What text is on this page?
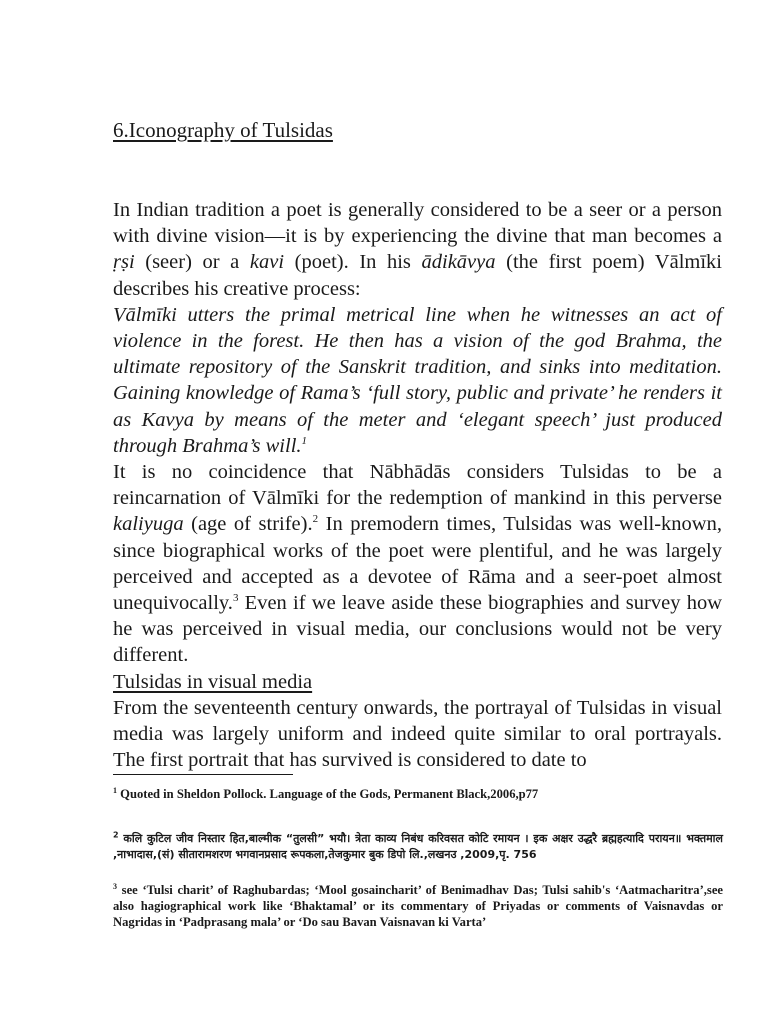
6.Iconography of Tulsidas

In Indian tradition a poet is generally considered to be a seer or a person with divine vision—it is by experiencing the divine that man becomes a ṛṣi (seer) or a kavi (poet). In his ādikāvya (the first poem) Vālmīki describes his creative process:

Vālmīki utters the primal metrical line when he witnesses an act of violence in the forest. He then has a vision of the god Brahma, the ultimate repository of the Sanskrit tradition, and sinks into meditation. Gaining knowledge of Rama’s ‘full story, public and private’ he renders it as Kavya by means of the meter and ‘elegant speech’ just produced through Brahma’s will.$^1$

It is no coincidence that Nābhādās considers Tulsidas to be a reincarnation of Vālmīki for the redemption of mankind in this perverse kaliyuga (age of strife).$^2$ In premodern times, Tulsidas was well-known, since biographical works of the poet were plentiful, and he was largely perceived and accepted as a devotee of Rāma and a seer-poet almost unequivocally.$^3$ Even if we leave aside these biographies and survey how he was perceived in visual media, our conclusions would not be very different.

Tulsidas in visual media

From the seventeenth century onwards, the portrayal of Tulsidas in visual media was largely uniform and indeed quite similar to oral portrayals. The first portrait that has survived is considered to date to

$^1$ Quoted in Sheldon Pollock. Language of the Gods, Permanent Black,2006,p77
$^2$ कलि कुटिल जीव निस्तार हित,बाल्मीक “तुलसी” भयौ। त्रेता काव्य निबंध करिवसत कोटि रमायन । इक अक्षर उद्धरै ब्रह्महत्यादि परायन॥ भक्तमाल ,नाभादास,(सं) सीतारामशरण भगवानप्रसाद रूपकला,तेजकुमार बुक डिपो लि.,लखनउ ,2009,पृ. 756
$^3$ see ‘Tulsi charit’ of Raghubardas; ‘Mool gosaincharit’ of Benimadhav Das; Tulsi sahib's ‘Aatmacharitra’,see also hagiographical work like ‘Bhaktamal’ or its commentary of Priyadas or comments of Vaisnavdas or Nagridas in ‘Padprasang mala’ or ‘Do sau Bavan Vaisnavan ki Varta’
